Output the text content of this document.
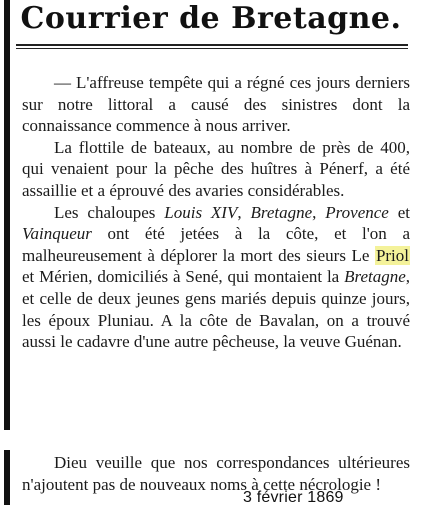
Courrier de Bretagne.

— L'affreuse tempête qui a régné ces jours derniers sur notre littoral a causé des sinistres dont la connaissance commence à nous arriver.

La flottile de bateaux, au nombre de près de 400, qui venaient pour la pêche des huîtres à Pénerf, a été assaillie et a éprouvé des avaries considérables.

Les chaloupes Louis XIV, Bretagne, Provence et Vainqueur ont été jetées à la côte, et l'on a malheureusement à déplorer la mort des sieurs Le Priol et Mérien, domiciliés à Sené, qui montaient la Bretagne, et celle de deux jeunes gens mariés depuis quinze jours, les époux Pluniau. A la côte de Bavalan, on a trouvé aussi le cadavre d'une autre pêcheuse, la veuve Guénan.

Dieu veuille que nos correspondances ultérieures n'ajoutent pas de nouveaux noms à cette nécrologie !

3 février 1869
